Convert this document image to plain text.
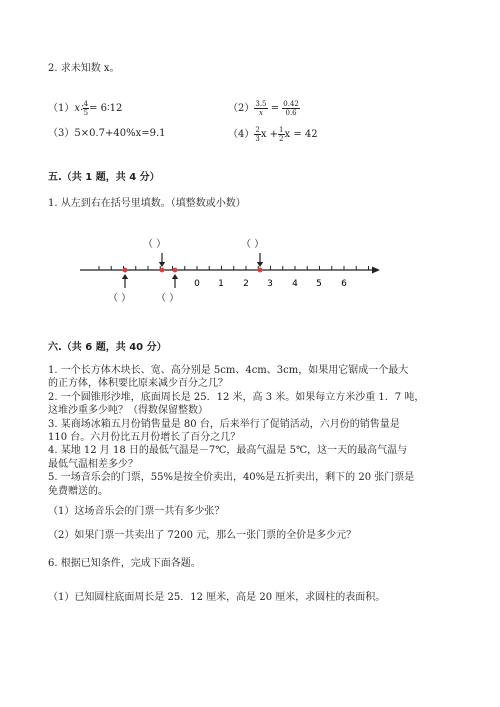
2. 求未知数 x。
（1）x∶ $\frac{4}{5}$ = 6∶12	$(2) \frac{3.5}{x} = \frac{0.42}{0.6}$
（3）5×0.7+40%x=9.1	$(4) \frac{2}{3}$ $x + \frac{1}{2}$ x = 42
五.（共 1 题，共 4 分）
1. 从左到右在括号里填数。（填整数或小数）
（ ）	（ ）
（ ） （ ）
0 1 2 3 4 5 6
六.（共 6 题，共 40 分）
1. 一个长方体木块长、宽、高分别是 5cm、4cm、3cm，如果用它锯成一个最大
的正方体，体积要比原来减少百分之几？
2. 一个圆锥形沙堆，底面周长是 25．12 米，高 3 米。如果每立方米沙重 1．7 吨，
这堆沙重多少吨？（得数保留整数）
3. 某商场冰箱五月份销售量是 80 台，后来举行了促销活动，六月份的销售量是
110 台。六月份比五月份增长了百分之几？
4. 某地 12 月 18 日的最低气温是－7℃，最高气温是 5℃，这一天的最高气温与
最低气温相差多少？
5. 一场音乐会的门票，55%是按全价卖出，40%是五折卖出，剩下的 20 张门票是
免费赠送的。
（1）这场音乐会的门票一共有多少张？
（2）如果门票一共卖出了 7200 元，那么一张门票的全价是多少元？
6. 根据已知条件，完成下面各题。
（1）已知圆柱底面周长是 25．12 厘米，高是 20 厘米，求圆柱的表面积。
